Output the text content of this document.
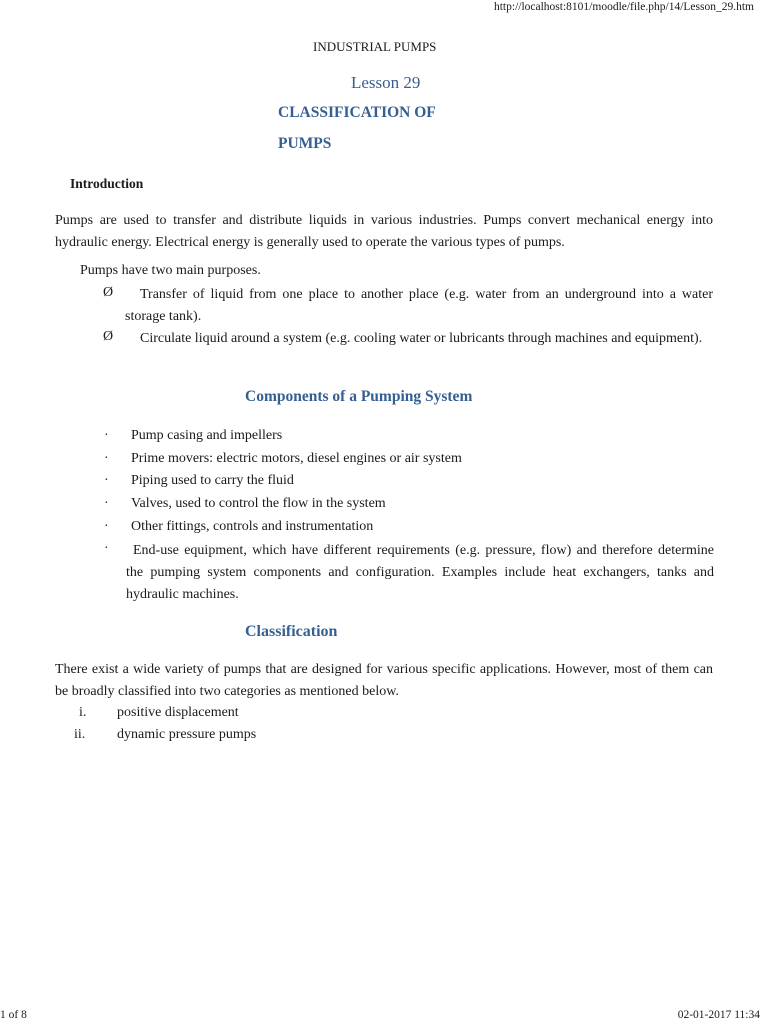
http://localhost:8101/moodle/file.php/14/Lesson_29.htm
INDUSTRIAL PUMPS
Lesson 29
CLASSIFICATION OF
PUMPS
Introduction
Pumps are used to transfer and distribute liquids in various industries. Pumps convert mechanical energy into hydraulic energy. Electrical energy is generally used to operate the various types of pumps.
Pumps have two main purposes.
Ø	Transfer of liquid from one place to another place (e.g. water from an underground into a water storage tank).
Ø	Circulate liquid around a system (e.g. cooling water or lubricants through machines and equipment).
Components of a Pumping System
· Pump casing and impellers
· Prime movers: electric motors, diesel engines or air system
· Piping used to carry the fluid
· Valves, used to control the flow in the system
· Other fittings, controls and instrumentation
·	End-use equipment, which have different requirements (e.g. pressure, flow) and therefore determine the pumping system components and configuration. Examples include heat exchangers, tanks and hydraulic machines.
Classification
There exist a wide variety of pumps that are designed for various specific applications. However, most of them can be broadly classified into two categories as mentioned below.
i. positive displacement
ii. dynamic pressure pumps
1 of 8	02-01-2017 11:34
